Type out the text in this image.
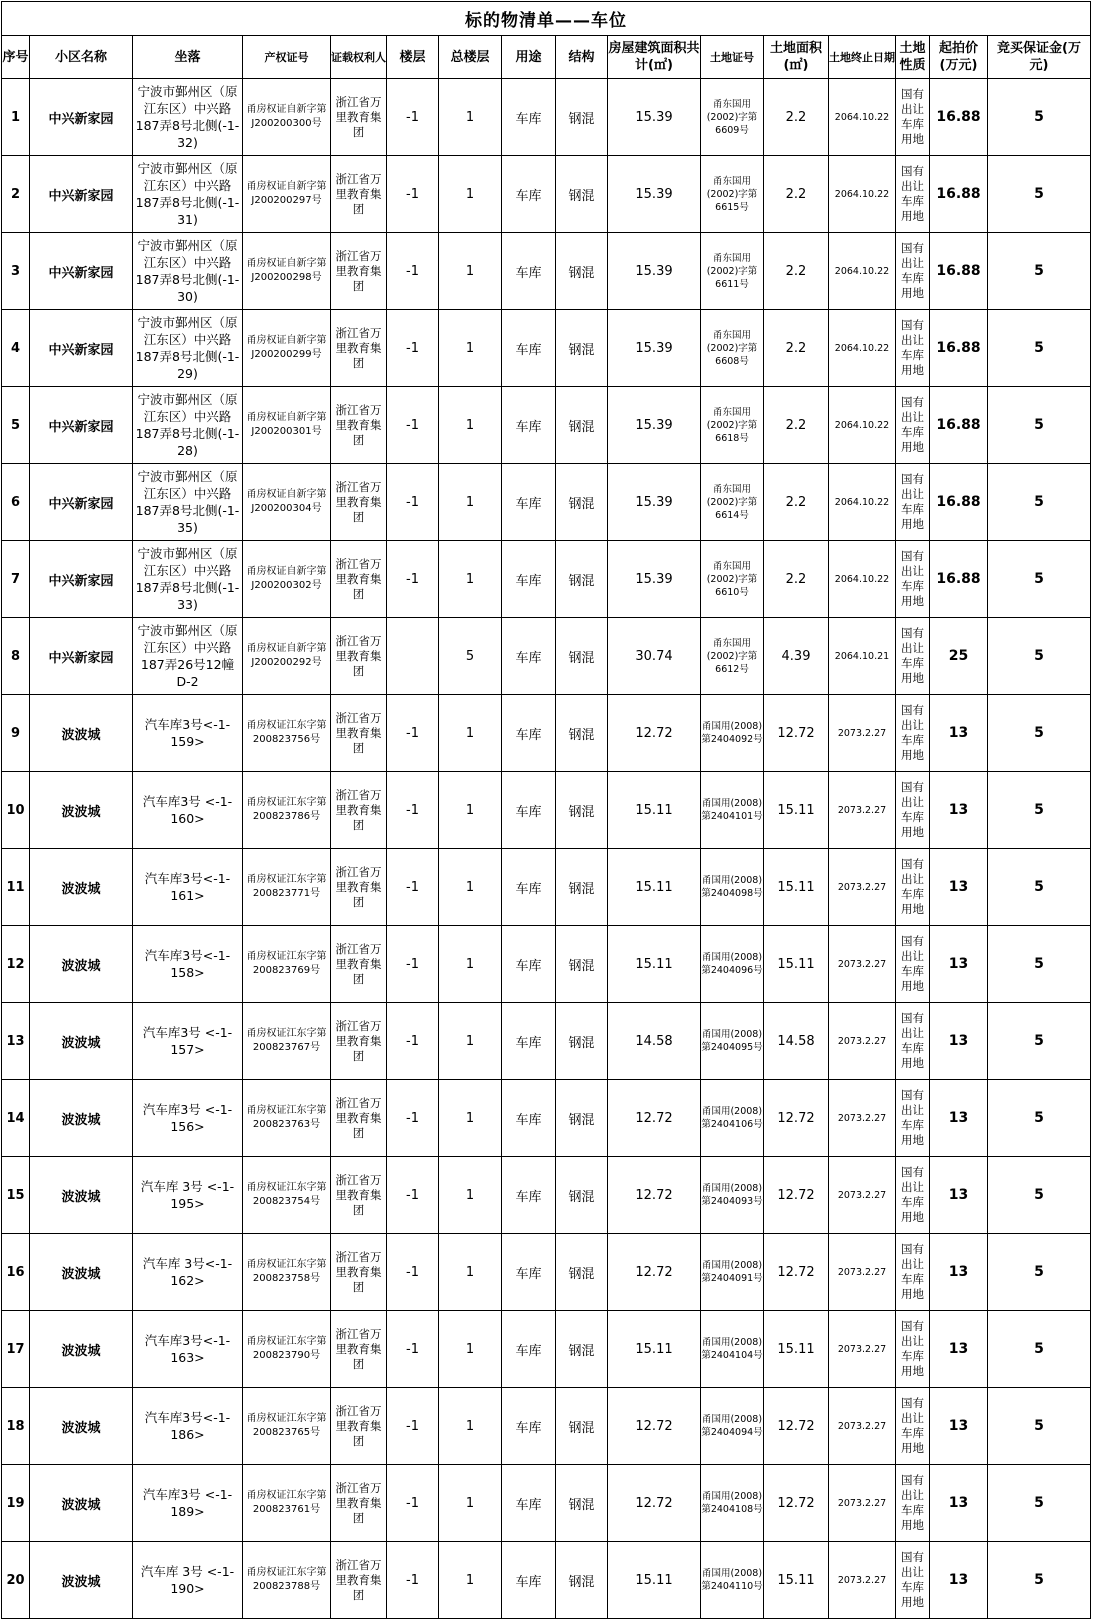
标的物清单——车位															
序号	小区名称	坐落	产权证号	证载权利人	楼层	总楼层	用途	结构	房屋建筑面积共计(㎡)	土地证号	土地面积(㎡)	土地终止日期	土地性质	起拍价(万元)	竞买保证金(万元)
1	中兴新家园	宁波市鄞州区（原江东区）中兴路187弄8号北侧(-1-32)	甬房权证自新字第J200200300号	浙江省万里教育集团	-1	1	车库	钢混	15.39	甬东国用(2002)字第6609号	2.2	2064.10.22	国有出让车库用地	16.88	5
2	中兴新家园	宁波市鄞州区（原江东区）中兴路187弄8号北侧(-1-31)	甬房权证自新字第J200200297号	浙江省万里教育集团	-1	1	车库	钢混	15.39	甬东国用(2002)字第6615号	2.2	2064.10.22	国有出让车库用地	16.88	5
3	中兴新家园	宁波市鄞州区（原江东区）中兴路187弄8号北侧(-1-30)	甬房权证自新字第J200200298号	浙江省万里教育集团	-1	1	车库	钢混	15.39	甬东国用(2002)字第6611号	2.2	2064.10.22	国有出让车库用地	16.88	5
4	中兴新家园	宁波市鄞州区（原江东区）中兴路187弄8号北侧(-1-29)	甬房权证自新字第J200200299号	浙江省万里教育集团	-1	1	车库	钢混	15.39	甬东国用(2002)字第6608号	2.2	2064.10.22	国有出让车库用地	16.88	5
5	中兴新家园	宁波市鄞州区（原江东区）中兴路187弄8号北侧(-1-28)	甬房权证自新字第J200200301号	浙江省万里教育集团	-1	1	车库	钢混	15.39	甬东国用(2002)字第6618号	2.2	2064.10.22	国有出让车库用地	16.88	5
6	中兴新家园	宁波市鄞州区（原江东区）中兴路187弄8号北侧(-1-35)	甬房权证自新字第J200200304号	浙江省万里教育集团	-1	1	车库	钢混	15.39	甬东国用(2002)字第6614号	2.2	2064.10.22	国有出让车库用地	16.88	5
7	中兴新家园	宁波市鄞州区（原江东区）中兴路187弄8号北侧(-1-33)	甬房权证自新字第J200200302号	浙江省万里教育集团	-1	1	车库	钢混	15.39	甬东国用(2002)字第6610号	2.2	2064.10.22	国有出让车库用地	16.88	5
8	中兴新家园	宁波市鄞州区（原江东区）中兴路187弄26号12幢D-2	甬房权证自新字第J200200292号	浙江省万里教育集团		5	车库	钢混	30.74	甬东国用(2002)字第6612号	4.39	2064.10.21	国有出让车库用地	25	5
9	波波城	汽车库3号<-1-159>	甬房权证江东字第200823756号	浙江省万里教育集团	-1	1	车库	钢混	12.72	甬国用(2008)第2404092号	12.72	2073.2.27	国有出让车库用地	13	5
10	波波城	汽车库3号 <-1-160>	甬房权证江东字第200823786号	浙江省万里教育集团	-1	1	车库	钢混	15.11	甬国用(2008)第2404101号	15.11	2073.2.27	国有出让车库用地	13	5
11	波波城	汽车库3号<-1-161>	甬房权证江东字第200823771号	浙江省万里教育集团	-1	1	车库	钢混	15.11	甬国用(2008)第2404098号	15.11	2073.2.27	国有出让车库用地	13	5
12	波波城	汽车库3号<-1-158>	甬房权证江东字第200823769号	浙江省万里教育集团	-1	1	车库	钢混	15.11	甬国用(2008)第2404096号	15.11	2073.2.27	国有出让车库用地	13	5
13	波波城	汽车库3号 <-1-157>	甬房权证江东字第200823767号	浙江省万里教育集团	-1	1	车库	钢混	14.58	甬国用(2008)第2404095号	14.58	2073.2.27	国有出让车库用地	13	5
14	波波城	汽车库3号 <-1-156>	甬房权证江东字第200823763号	浙江省万里教育集团	-1	1	车库	钢混	12.72	甬国用(2008)第2404106号	12.72	2073.2.27	国有出让车库用地	13	5
15	波波城	汽车库 3号 <-1-195>	甬房权证江东字第200823754号	浙江省万里教育集团	-1	1	车库	钢混	12.72	甬国用(2008)第2404093号	12.72	2073.2.27	国有出让车库用地	13	5
16	波波城	汽车库 3号<-1-162>	甬房权证江东字第200823758号	浙江省万里教育集团	-1	1	车库	钢混	12.72	甬国用(2008)第2404091号	12.72	2073.2.27	国有出让车库用地	13	5
17	波波城	汽车库3号<-1-163>	甬房权证江东字第200823790号	浙江省万里教育集团	-1	1	车库	钢混	15.11	甬国用(2008)第2404104号	15.11	2073.2.27	国有出让车库用地	13	5
18	波波城	汽车库3号<-1-186>	甬房权证江东字第200823765号	浙江省万里教育集团	-1	1	车库	钢混	12.72	甬国用(2008)第2404094号	12.72	2073.2.27	国有出让车库用地	13	5
19	波波城	汽车库3号 <-1-189>	甬房权证江东字第200823761号	浙江省万里教育集团	-1	1	车库	钢混	12.72	甬国用(2008)第2404108号	12.72	2073.2.27	国有出让车库用地	13	5
20	波波城	汽车库 3号 <-1-190>	甬房权证江东字第200823788号	浙江省万里教育集团	-1	1	车库	钢混	15.11	甬国用(2008)第2404110号	15.11	2073.2.27	国有出让车库用地	13	5
